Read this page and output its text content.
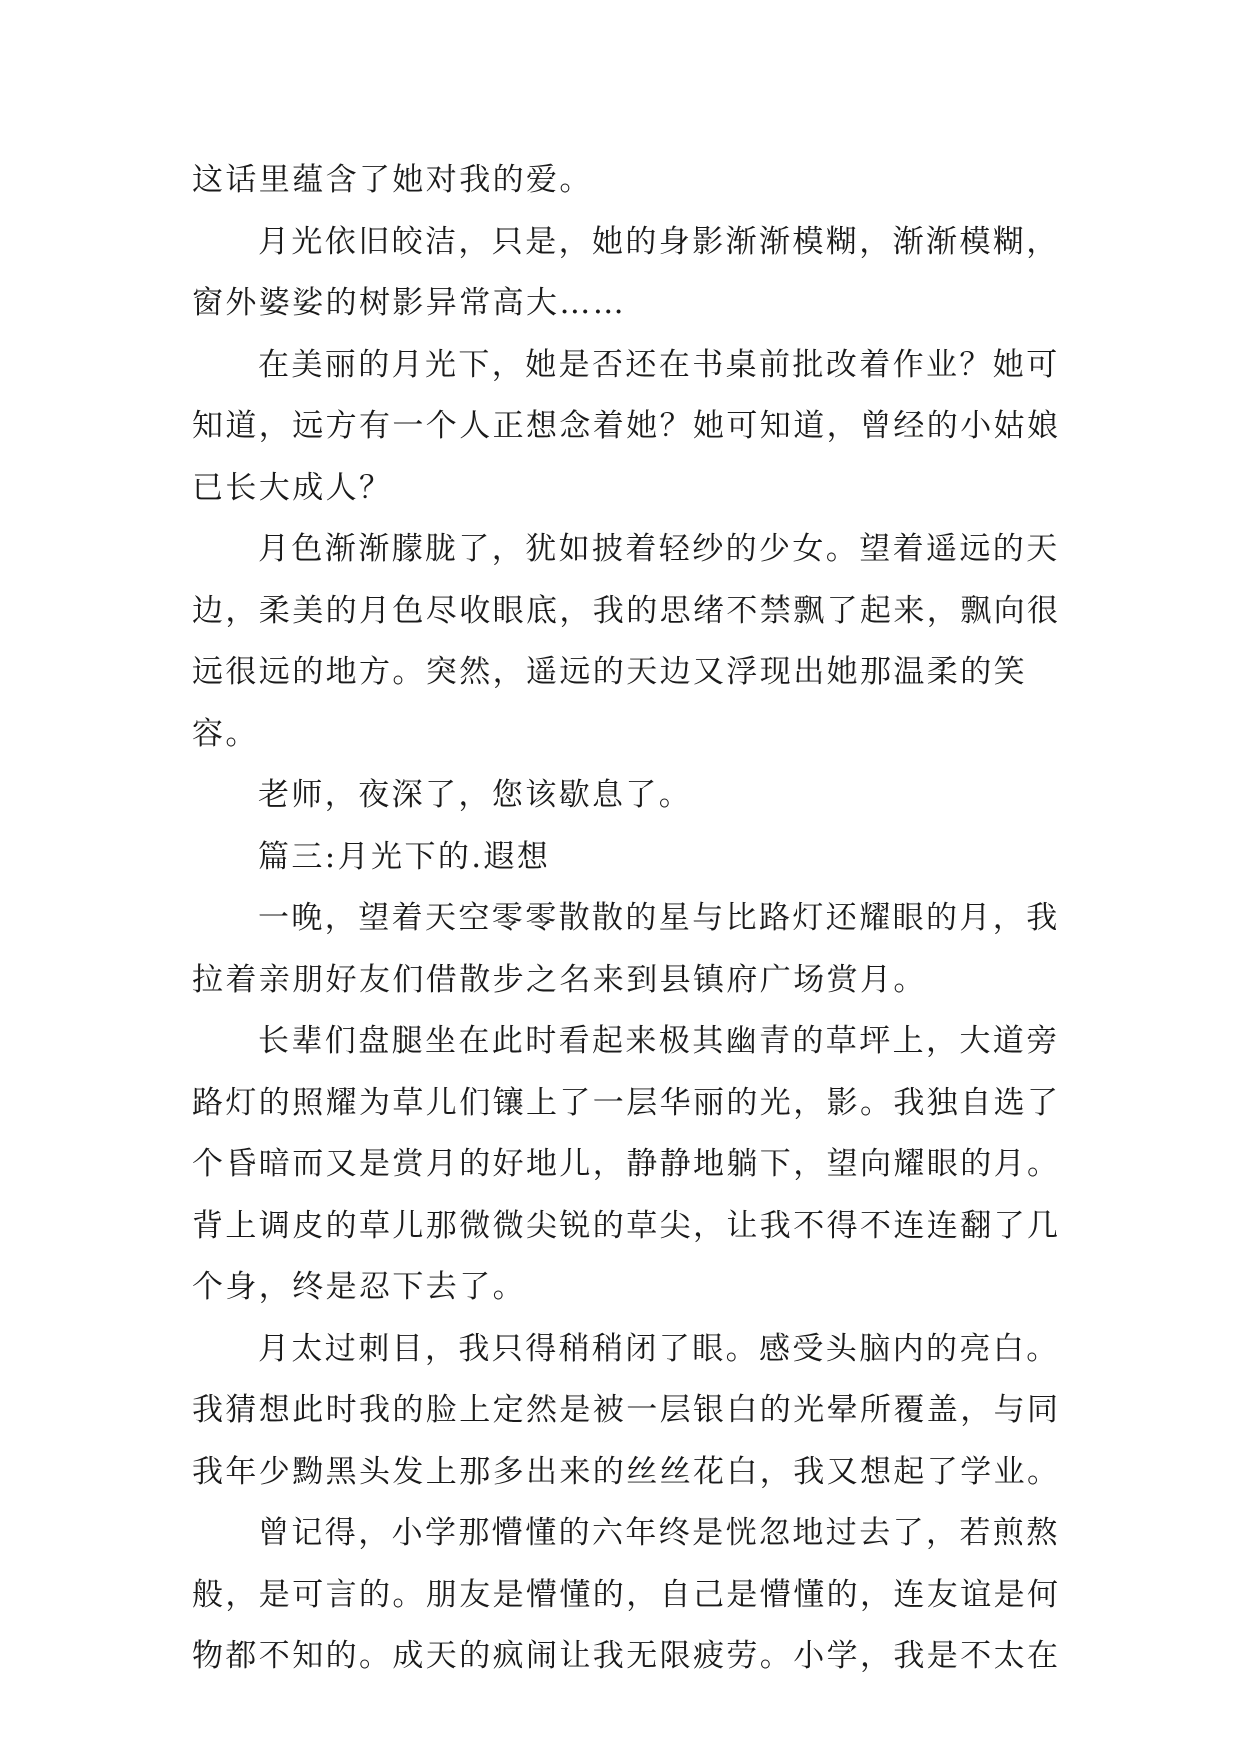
这话里蕴含了她对我的爱。

月光依旧皎洁，只是，她的身影渐渐模糊，渐渐模糊，窗外婆娑的树影异常高大……

在美丽的月光下，她是否还在书桌前批改着作业？她可知道，远方有一个人正想念着她？她可知道，曾经的小姑娘已长大成人？

月色渐渐朦胧了，犹如披着轻纱的少女。望着遥远的天边，柔美的月色尽收眼底，我的思绪不禁飘了起来，飘向很远很远的地方。突然，遥远的天边又浮现出她那温柔的笑容。

老师，夜深了，您该歇息了。

篇三:月光下的.遐想

一晚，望着天空零零散散的星与比路灯还耀眼的月，我拉着亲朋好友们借散步之名来到县镇府广场赏月。

长辈们盘腿坐在此时看起来极其幽青的草坪上，大道旁路灯的照耀为草儿们镶上了一层华丽的光，影。我独自选了个昏暗而又是赏月的好地儿，静静地躺下，望向耀眼的月。背上调皮的草儿那微微尖锐的草尖，让我不得不连连翻了几个身，终是忍下去了。

月太过刺目，我只得稍稍闭了眼。感受头脑内的亮白。我猜想此时我的脸上定然是被一层银白的光晕所覆盖，与同我年少黝黑头发上那多出来的丝丝花白，我又想起了学业。

曾记得，小学那懵懂的六年终是恍忽地过去了，若煎熬般，是可言的。朋友是懵懂的，自己是懵懂的，连友谊是何物都不知的。成天的疯闹让我无限疲劳。小学，我是不太在
